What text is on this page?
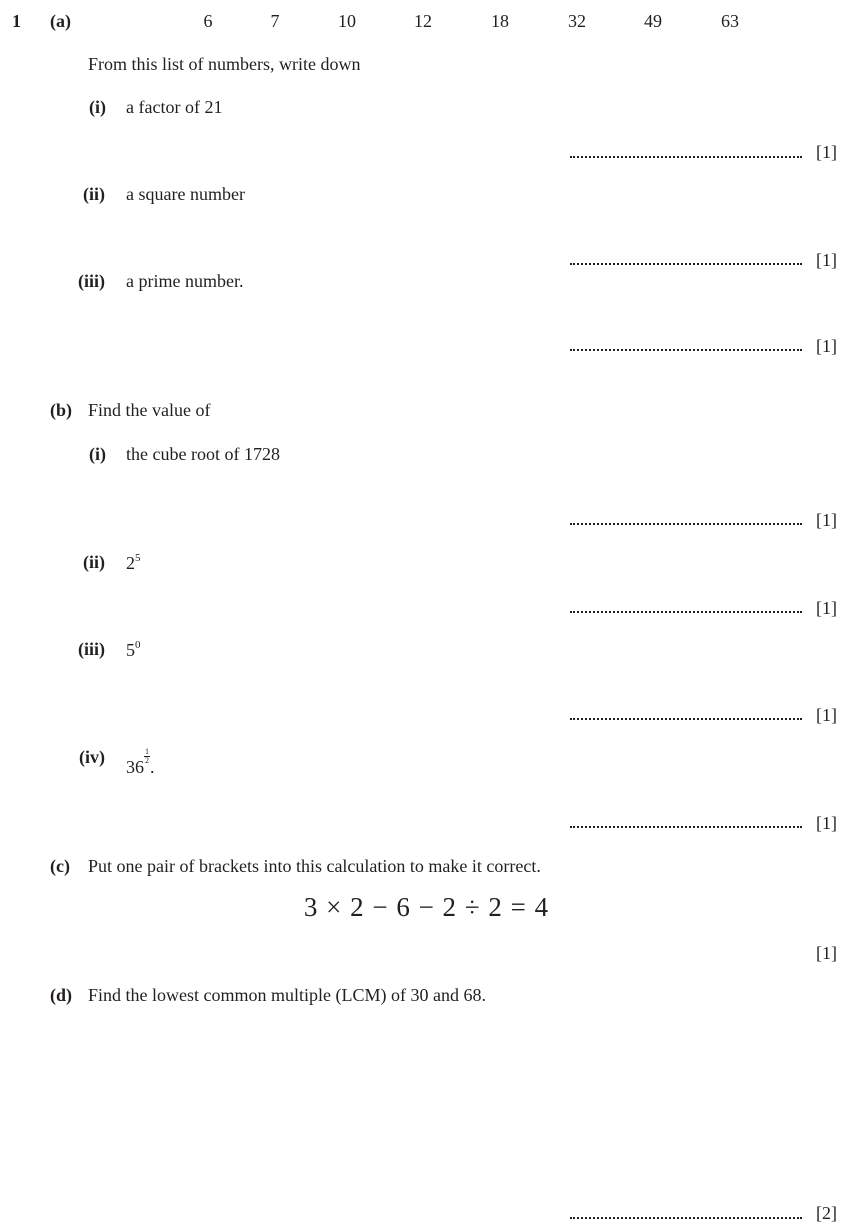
1 (a)	6	7	10	12	18	32	49	63
From this list of numbers, write down
(i) a factor of 21
[1]
(ii) a square number
[1]
(iii) a prime number.
[1]
(b) Find the value of
(i) the cube root of 1728
[1]
(ii) $2^5$
[1]
(iii) $5^0$
[1]
(iv) 36
$\frac{1}{2}$
.
[1]
(c) Put one pair of brackets into this calculation to make it correct.
3 × 2 − 6 − 2 ÷ 2 = 4
[1]
(d) Find the lowest common multiple (LCM) of 30 and 68.
[2]
